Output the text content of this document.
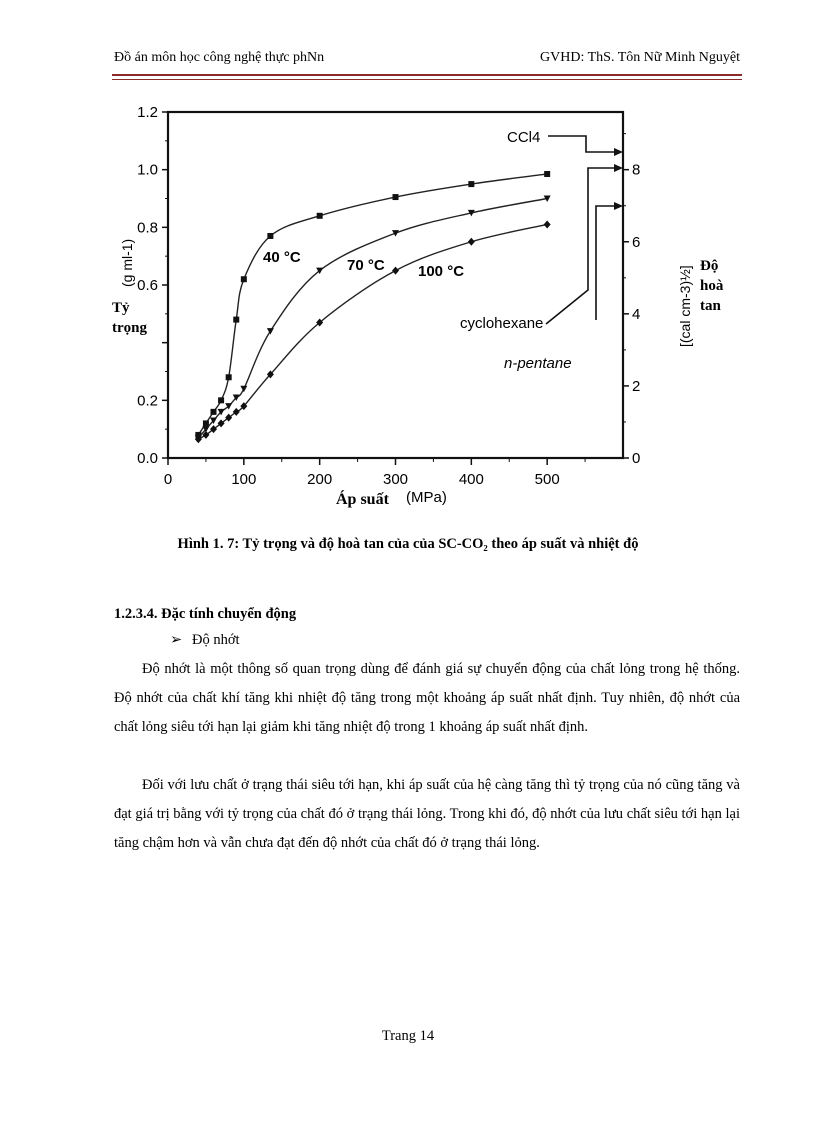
Đồ án môn học công nghệ thực phNn	GVHD: ThS. Tôn Nữ Minh Nguyệt
0	100	200	300	400	500
0.0
0.2
0.6
0.8
1.0
1.2
0
2
4
6
8
40 °C	70 °C 100 °C
CCl4
cyclohexane
n-pentane
Tỷ
trọng
(g ml-1)
[(cal cm-3)½] Độ
hoà
tan
Áp suất (MPa)
Hình 1. 7: Tỷ trọng và độ hoà tan của của SC-CO₂ theo áp suất và nhiệt độ
1.2.3.4. Đặc tính chuyển động
➢ Độ nhớt
Độ nhớt là một thông số quan trọng dùng để đánh giá sự chuyển động của chất lỏng trong hệ thống. Độ nhớt của chất khí tăng khi nhiệt độ tăng trong một khoảng áp suất nhất định. Tuy nhiên, độ nhớt của chất lỏng siêu tới hạn lại giảm khi tăng nhiệt độ trong 1 khoảng áp suất nhất định.
Đối với lưu chất ở trạng thái siêu tới hạn, khi áp suất của hệ càng tăng thì tỷ trọng của nó cũng tăng và đạt giá trị bằng với tỷ trọng của chất đó ở trạng thái lỏng. Trong khi đó, độ nhớt của lưu chất siêu tới hạn lại tăng chậm hơn và vẫn chưa đạt đến độ nhớt của chất đó ở trạng thái lỏng.
Trang 14
